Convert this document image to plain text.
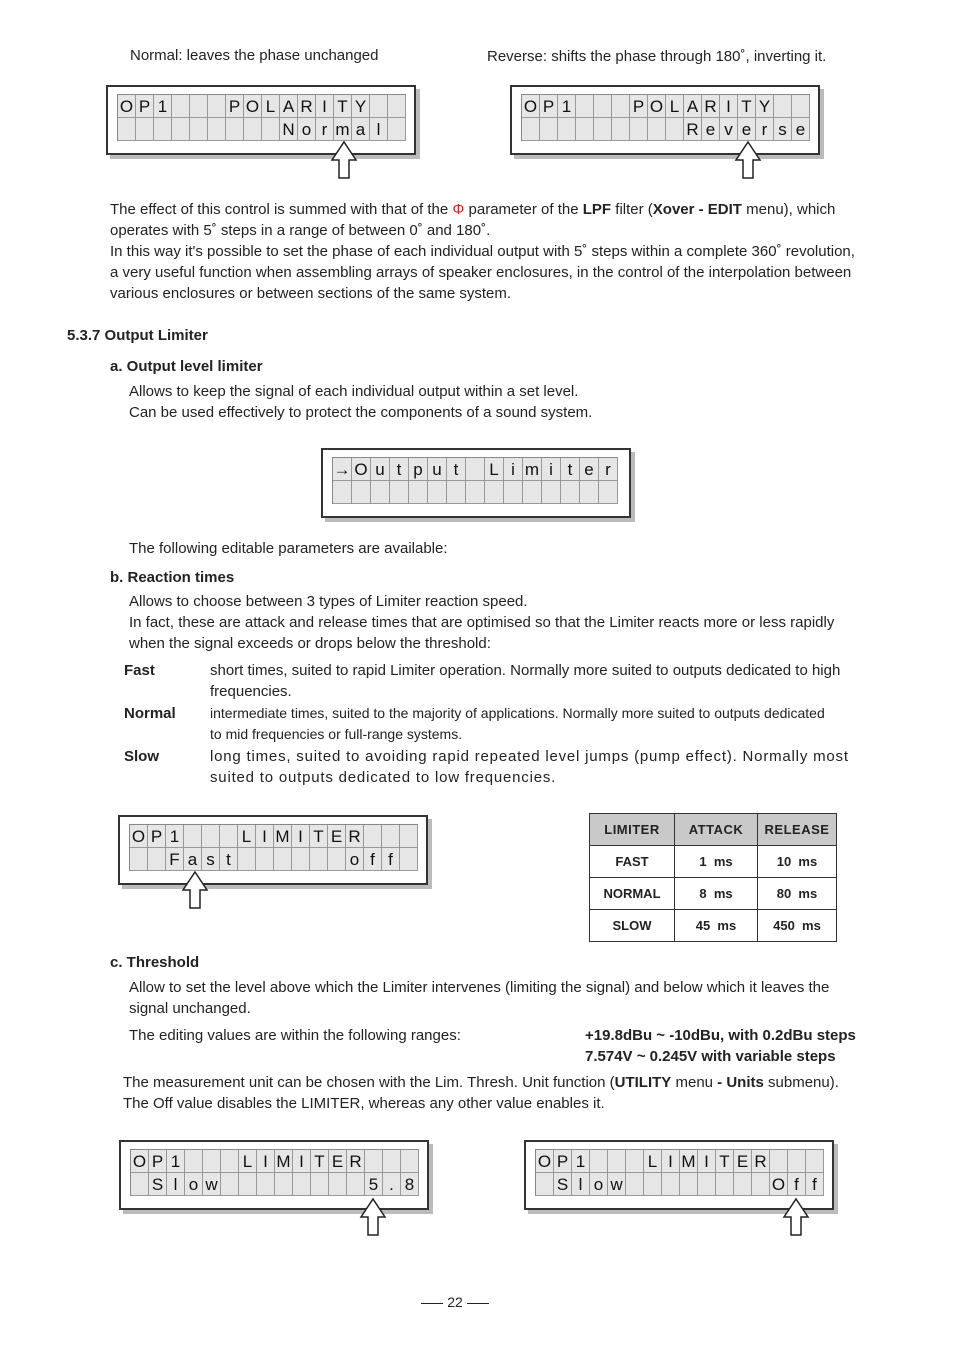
Normal: leaves the phase unchanged	Reverse: shifts the phase through 180˚, inverting it.
O P 1	P O L A R I T Y
N o r m a l
O P 1	P O L A R I T Y
R e v e r s e
The effect of this control is summed with that of the Φ parameter of the LPF filter (Xover - EDIT menu), which
operates with 5˚ steps in a range of between 0˚ and 180˚.
In this way it's possible to set the phase of each individual output with 5˚ steps within a complete 360˚ revolution,
a very useful function when assembling arrays of speaker enclosures, in the control of the interpolation between
various enclosures or between sections of the same system.
5.3.7 Output Limiter
a. Output level limiter
Allows to keep the signal of each individual output within a set level.
Can be used effectively to protect the components of a sound system.
→ O u t p u t	L i m i t e r
The following editable parameters are available:
b. Reaction times
Allows to choose between 3 types of Limiter reaction speed.
In fact, these are attack and release times that are optimised so that the Limiter reacts more or less rapidly
when the signal exceeds or drops below the threshold:
Fast	short times, suited to rapid Limiter operation. Normally more suited to outputs dedicated to high
frequencies.
Normal intermediate times, suited to the majority of applications. Normally more suited to outputs dedicated
to mid frequencies or full-range systems.
Slow	long times, suited to avoiding rapid repeated level jumps (pump effect). Normally most
suited to outputs dedicated to low frequencies.
O P 1	L I M I T E R
F a s t	o f f
LIMITER	ATTACK	RELEASE
FAST	1  ms	10  ms
NORMAL	8  ms	80  ms
SLOW	45  ms	450  ms
c. Threshold
Allow to set the level above which the Limiter intervenes (limiting the signal) and below which it leaves the
signal unchanged.
The editing values are within the following ranges:	+19.8dBu ~ -10dBu, with 0.2dBu steps
7.574V ~ 0.245V with variable steps
The measurement unit can be chosen with the Lim. Thresh. Unit function (UTILITY menu - Units submenu).
The Off value disables the LIMITER, whereas any other value enables it.
O P 1	L I M I T E R
S l o w	5 . 8
O P 1	L I M I T E R
S l o w	O f f
22
